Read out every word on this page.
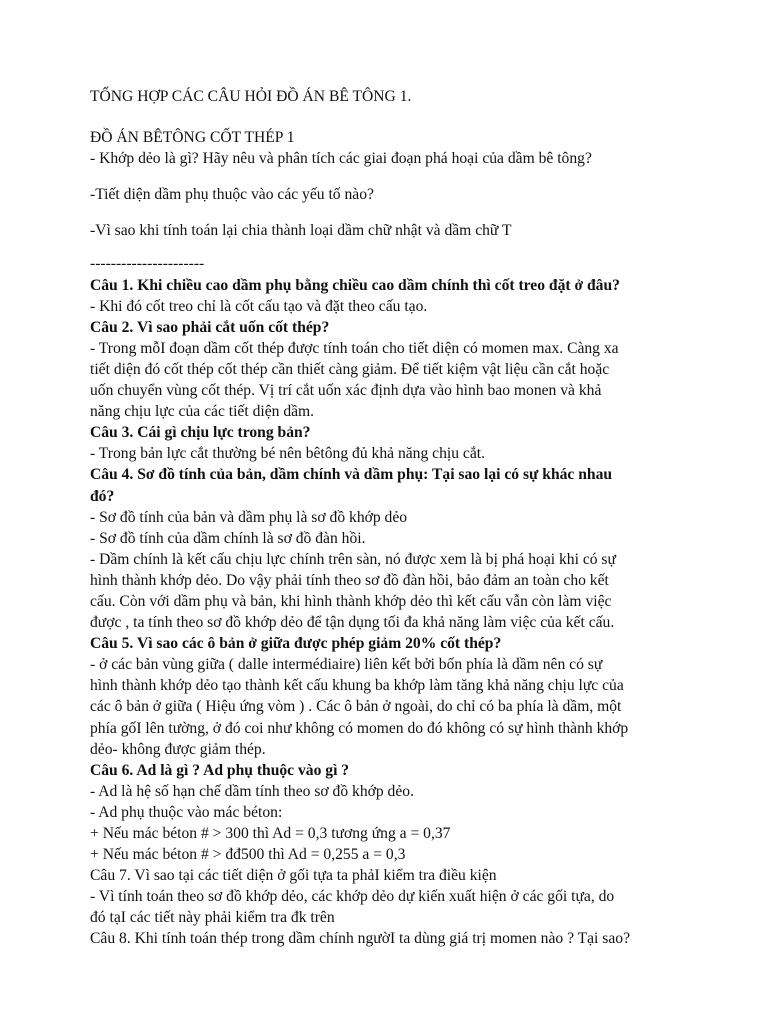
TỔNG HỢP CÁC CÂU HỎI ĐỒ ÁN BÊ TÔNG 1.

ĐỒ ÁN BÊTÔNG CỐT THÉP 1

- Khớp dẻo là gì? Hãy nêu và phân tích các giai đoạn phá hoại của dầm bê tông?

-Tiết diện dầm phụ thuộc vào các yếu tố nào?

-Vì sao khi tính toán lại chia thành loại dầm chữ nhật và dầm chữ T

----------------------

Câu 1. Khi chiều cao dầm phụ bằng chiều cao dầm chính thì cốt treo đặt ở đâu?

- Khi đó cốt treo chỉ là cốt cấu tạo và đặt theo cấu tạo.

Câu 2. Vì sao phải cắt uốn cốt thép?

- Trong mỗI đoạn dầm cốt thép được tính toán cho tiết diện có momen max. Càng xa

tiết diện đó cốt thép cốt thép cần thiết càng giảm. Để tiết kiệm vật liệu cần cắt hoặc

uốn chuyển vùng cốt thép. Vị trí cắt uốn xác định dựa vào hình bao monen và khả

năng chịu lực của các tiết diện dầm.

Câu 3. Cái gì chịu lực trong bản?

- Trong bản lực cắt thường bé nên bêtông đủ khả năng chịu cắt.

Câu 4. Sơ đồ tính của bản, dầm chính và dầm phụ: Tại sao lại có sự khác nhau

đó?

- Sơ đồ tính của bản và dầm phụ là sơ đồ khớp dẻo

- Sơ đồ tính của dầm chính là sơ đồ đàn hồi.

- Dầm chính là kết cấu chịu lực chính trên sàn, nó được xem là bị phá hoại khi có sự

hình thành khớp dẻo. Do vậy phải tính theo sơ đồ đàn hồi, bảo đảm an toàn cho kết

cấu. Còn với dầm phụ và bản, khi hình thành khớp dẻo thì kết cấu vẫn còn làm việc

được , ta tính theo sơ đồ khớp dẻo để tận dụng tối đa khả năng làm việc của kết cấu.

Câu 5. Vì sao các ô bản ở giữa được phép giảm 20% cốt thép?

- ở các bản vùng giữa ( dalle intermédiaire) liên kết bởi bốn phía là dầm nên có sự

hình thành khớp dẻo tạo thành kết cấu khung ba khớp làm tăng khả năng chịu lực của

các ô bản ở giữa ( Hiệu ứng vòm ) . Các ô bản ở ngoài, do chỉ có ba phía là dầm, một

phía gốI lên tường, ở đó coi như không có momen do đó không có sự hình thành khớp

dẻo- không được giảm thép.

Câu 6. Ad là gì ? Ad phụ thuộc vào gì ?

- Ad là hệ số hạn chế dầm tính theo sơ đồ khớp dẻo.

- Ad phụ thuộc vào mác béton:

+ Nếu mác béton # > 300 thì Ad = 0,3 tương ứng a = 0,37

+ Nếu mác béton # > đđ500 thì Ad = 0,255 a = 0,3

Câu 7. Vì sao tại các tiết diện ở gối tựa ta phảI kiểm tra điều kiện

- Vì tính toán theo sơ đồ khớp dẻo, các khớp dẻo dự kiến xuất hiện ở các gối tựa, do

đó tạI các tiết này phải kiểm tra đk trên

Câu 8. Khi tính toán thép trong dầm chính ngườI ta dùng giá trị momen nào ? Tại sao?
